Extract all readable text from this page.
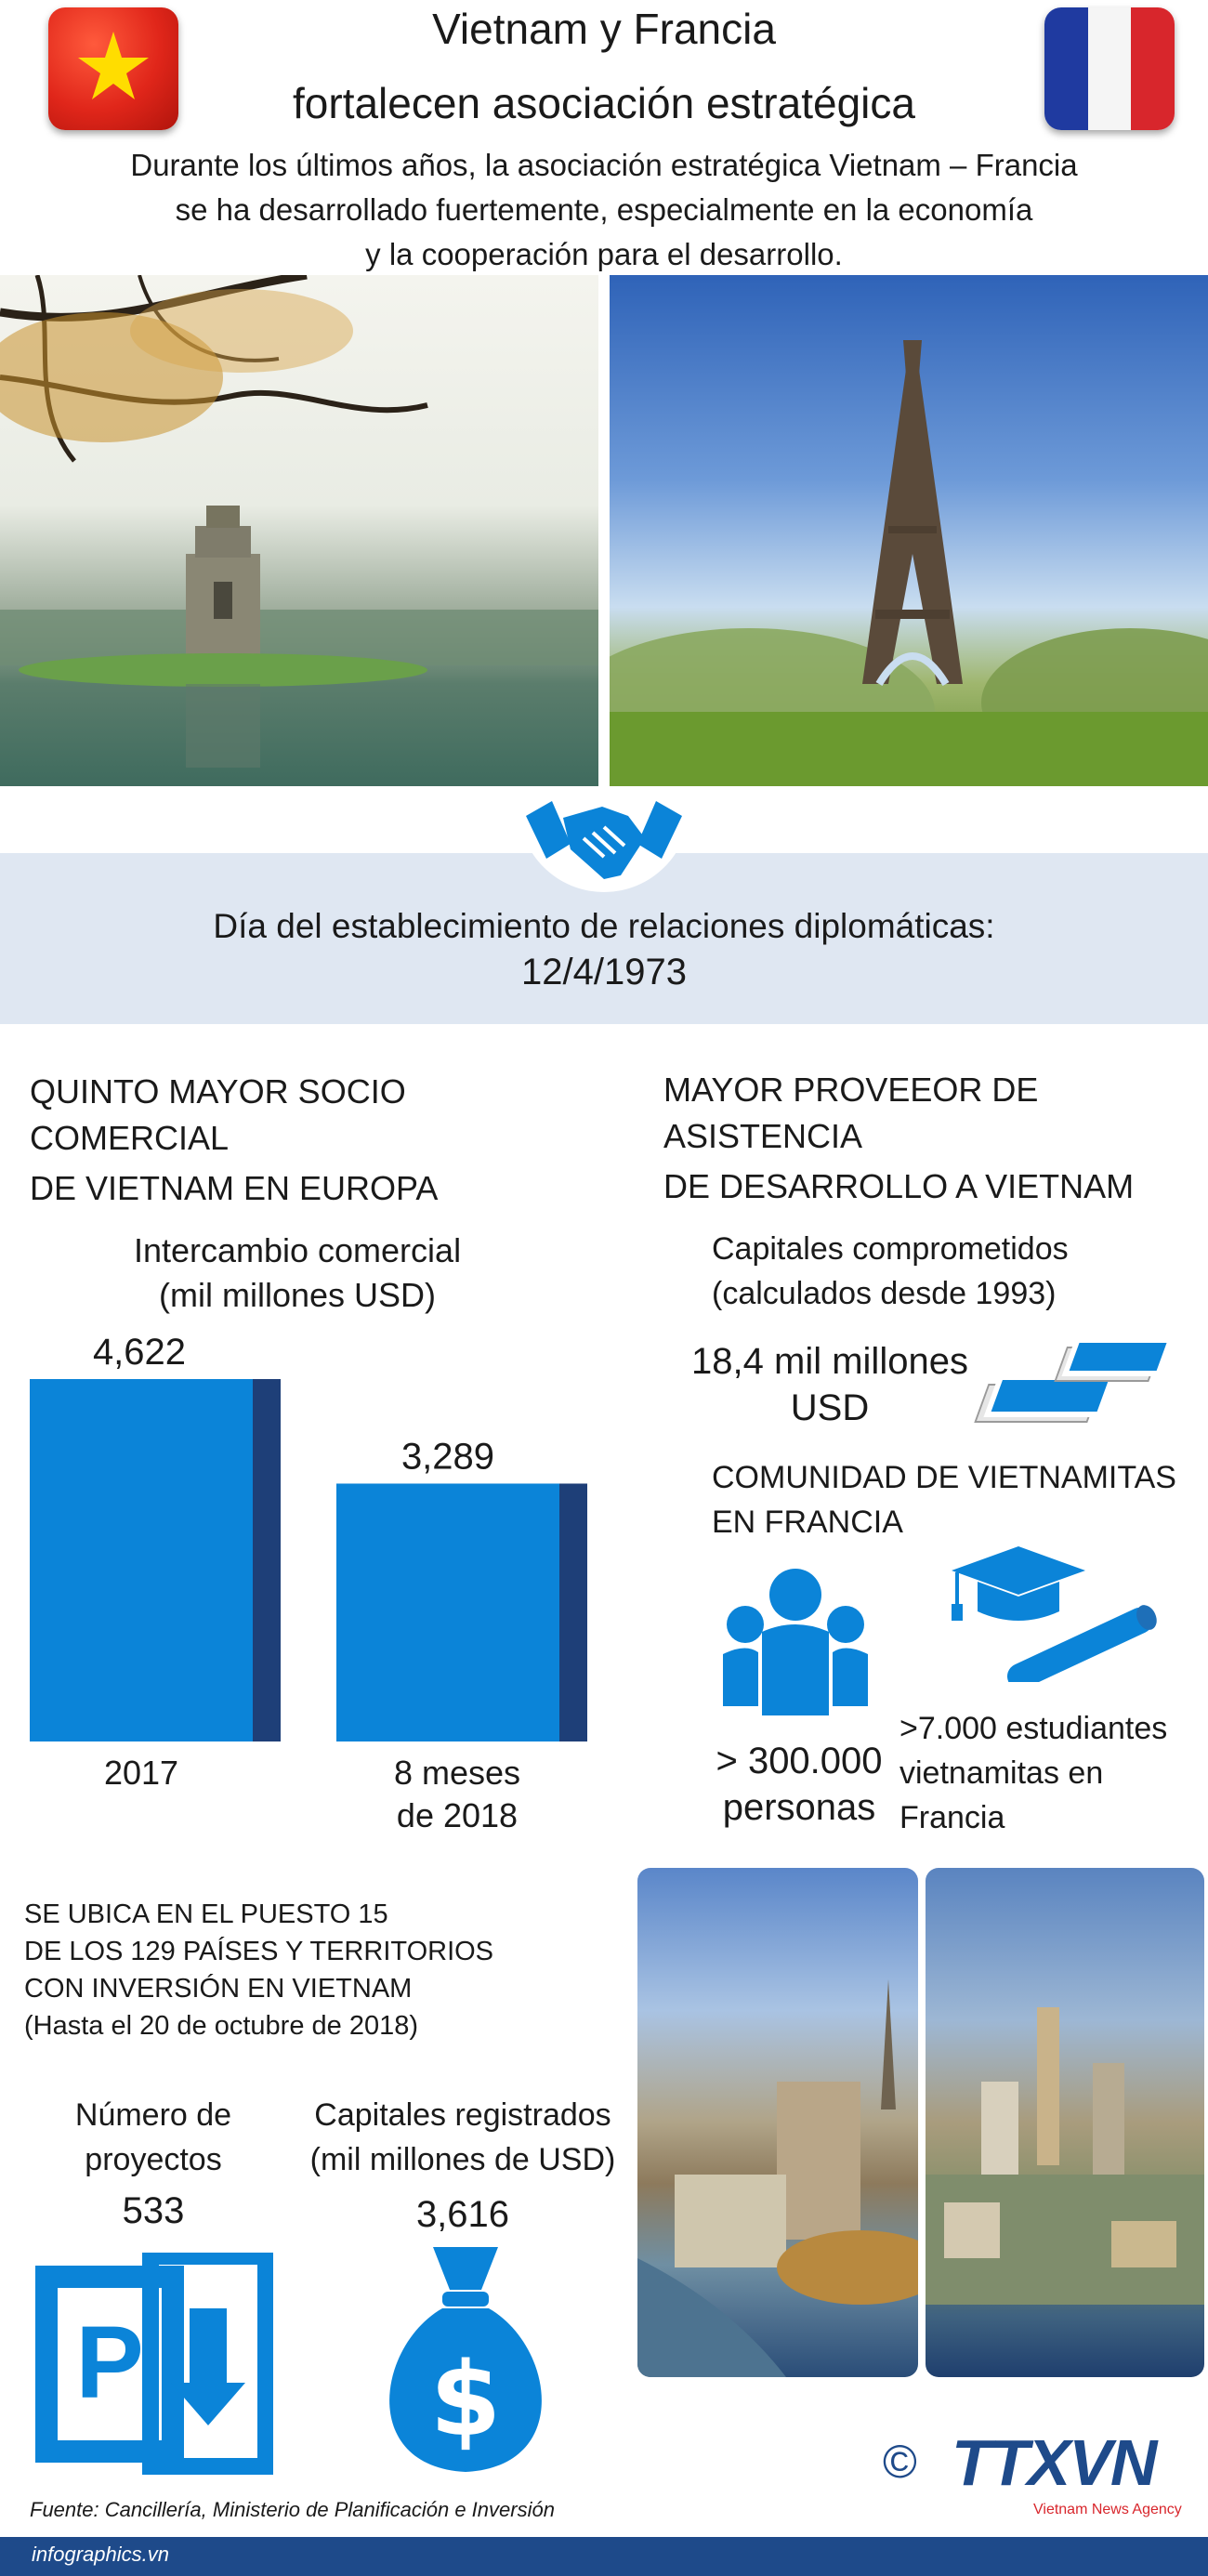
Vietnam y Francia
fortalecen asociación estratégica
Durante los últimos años, la asociación estratégica Vietnam – Francia
se ha desarrollado fuertemente, especialmente en la economía
y la cooperación para el desarrollo.
Día del establecimiento de relaciones diplomáticas:
12/4/1973
QUINTO MAYOR SOCIO COMERCIAL
DE VIETNAM EN EUROPA
Intercambio comercial
(mil millones USD)
4,622
2017
3,289
8 meses
de 2018
MAYOR PROVEEOR DE ASISTENCIA
DE DESARROLLO A VIETNAM
Capitales comprometidos
(calculados desde 1993)
18,4 mil millones
USD
COMUNIDAD DE VIETNAMITAS
EN FRANCIA
> 300.000
personas
>7.000 estudiantes
vietnamitas en
Francia
SE UBICA EN EL PUESTO 15
DE LOS 129 PAÍSES Y TERRITORIOS
CON INVERSIÓN EN VIETNAM
(Hasta el 20 de octubre de 2018)
Número de
proyectos
533
Capitales registrados
(mil millones de USD)
3,616
P	$
Fuente: Cancillería, Ministerio de Planificación e Inversión
© TTXVN
Vietnam News Agency
infographics.vn
